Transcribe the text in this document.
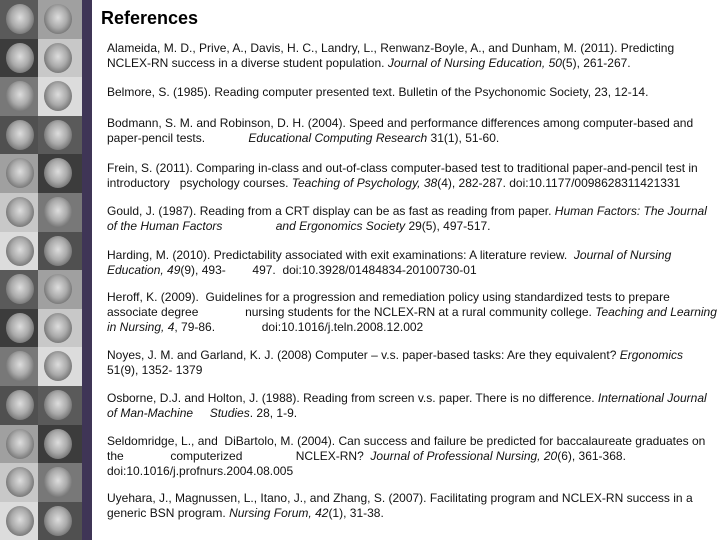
References
Alameida, M. D., Prive, A., Davis, H. C., Landry, L., Renwanz-Boyle, A., and Dunham, M. (2011). Predicting NCLEX-RN success in a diverse student population. Journal of Nursing Education, 50(5), 261-267.
Belmore, S. (1985). Reading computer presented text. Bulletin of the Psychonomic Society, 23, 12-14.
Bodmann, S. M. and Robinson, D. H. (2004). Speed and performance differences among computer-based and paper-pencil tests.             Educational Computing Research 31(1), 51-60.
Frein, S. (2011). Comparing in-class and out-of-class computer-based test to traditional paper-and-pencil test in introductory   psychology courses. Teaching of Psychology, 38(4), 282-287. doi:10.1177/0098628311421331
Gould, J. (1987). Reading from a CRT display can be as fast as reading from paper. Human Factors: The Journal of the Human Factors                and Ergonomics Society 29(5), 497-517.
Harding, M. (2010). Predictability associated with exit examinations: A literature review.  Journal of Nursing Education, 49(9), 493-        497.  doi:10.3928/01484834-20100730-01
Heroff, K. (2009).  Guidelines for a progression and remediation policy using standardized tests to prepare associate degree              nursing students for the NCLEX-RN at a rural community college. Teaching and Learning in Nursing, 4, 79-86.              doi:10.1016/j.teln.2008.12.002
Noyes, J. M. and Garland, K. J. (2008) Computer – v.s. paper-based tasks: Are they equivalent? Ergonomics 51(9), 1352- 1379
Osborne, D.J. and Holton, J. (1988). Reading from screen v.s. paper. There is no difference. International Journal of Man-Machine     Studies. 28, 1-9.
Seldomridge, L., and  DiBartolo, M. (2004). Can success and failure be predicted for baccalaureate graduates on the              computerized                NCLEX-RN?  Journal of Professional Nursing, 20(6), 361-368. doi:10.1016/j.profnurs.2004.08.005
Uyehara, J., Magnussen, L., Itano, J., and Zhang, S. (2007). Facilitating program and NCLEX-RN success in a generic BSN program. Nursing Forum, 42(1), 31-38.
